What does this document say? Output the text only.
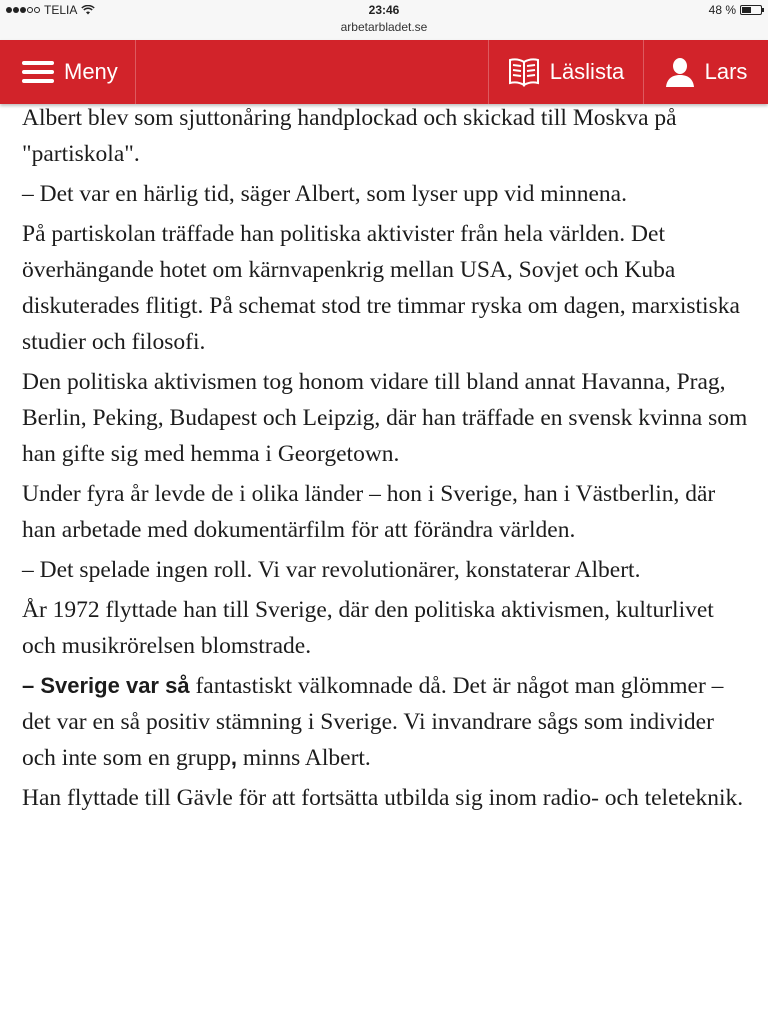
TELIA	23:46
arbetarbladet.se
48 %
Meny	Läslista	Lars

Albert blev som sjuttonåring handplockad och skickad till Moskva på "partiskola".

– Det var en härlig tid, säger Albert, som lyser upp vid minnena.

På partiskolan träffade han politiska aktivister från hela världen. Det överhängande hotet om kärnvapenkrig mellan USA, Sovjet och Kuba diskuterades flitigt. På schemat stod tre timmar ryska om dagen, marxistiska studier och filosofi.

Den politiska aktivismen tog honom vidare till bland annat Havanna, Prag, Berlin, Peking, Budapest och Leipzig, där han träffade en svensk kvinna som han gifte sig med hemma i Georgetown.

Under fyra år levde de i olika länder – hon i Sverige, han i Västberlin, där han arbetade med dokumentärfilm för att förändra världen.

– Det spelade ingen roll. Vi var revolutionärer, konstaterar Albert.

År 1972 flyttade han till Sverige, där den politiska aktivismen, kulturlivet och musikrörelsen blomstrade.

– Sverige var så fantastiskt välkomnade då. Det är något man glömmer – det var en så positiv stämning i Sverige. Vi invandrare sågs som individer och inte som en grupp, minns Albert.

Han flyttade till Gävle för att fortsätta utbilda sig inom radio- och teleteknik.
